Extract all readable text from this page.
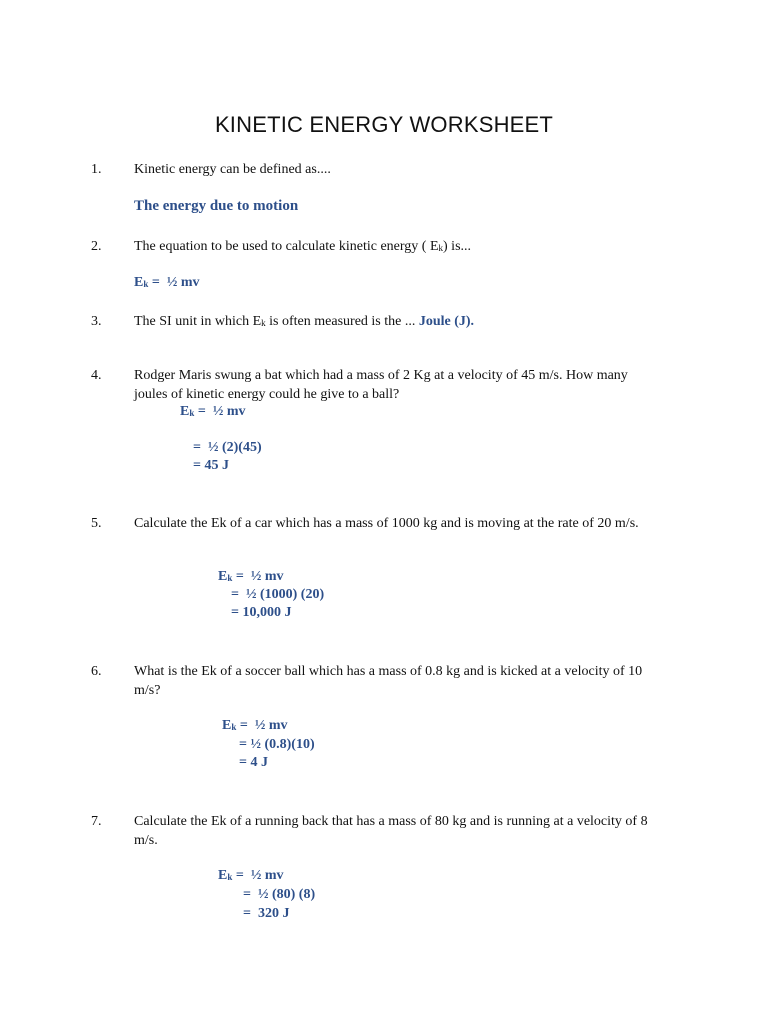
KINETIC ENERGY WORKSHEET
1. Kinetic energy can be defined as....
The energy due to motion
2. The equation to be used to calculate kinetic energy ( $E_k$) is...
$E_k$ =  ½ mv
3. The SI unit in which $E_k$ is often measured is the ... Joule (J).
4. Rodger Maris swung a bat which had a mass of 2 Kg at a velocity of 45 m/s. How many joules of kinetic energy could he give to a ball?
$E_k$ =  ½ mv
=  ½ (2)(45)
= 45 J
5. Calculate the Ek of a car which has a mass of 1000 kg and is moving at the rate of 20 m/s.
$E_k$ =  ½ mv
=  ½ (1000) (20)
= 10,000 J
6. What is the Ek of a soccer ball which has a mass of 0.8 kg and is kicked at a velocity of 10 m/s?
$E_k$ =  ½ mv
= ½ (0.8)(10)
= 4 J
7. Calculate the Ek of a running back that has a mass of 80 kg and is running at a velocity of 8 m/s.
$E_k$ =  ½ mv
=  ½ (80) (8)
=  320 J
